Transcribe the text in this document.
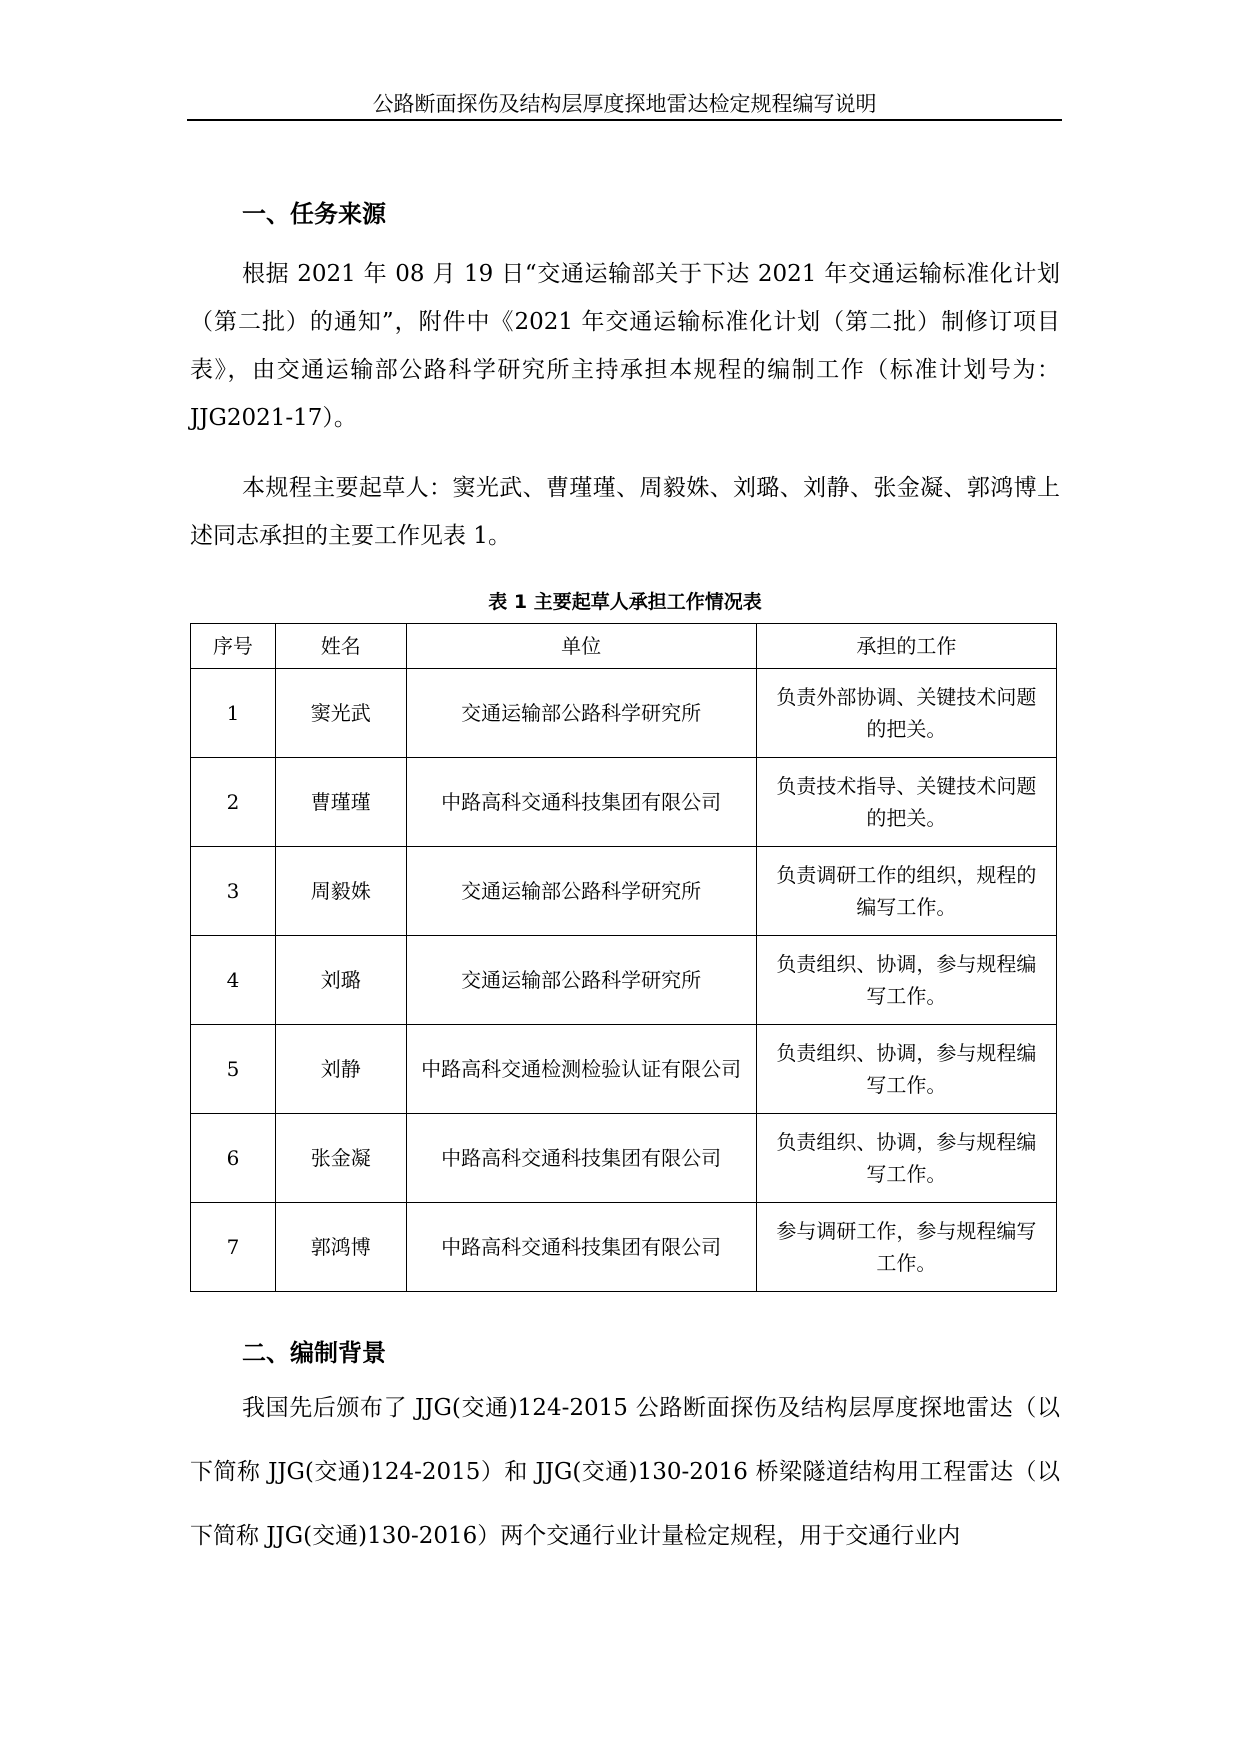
公路断面探伤及结构层厚度探地雷达检定规程编写说明
一、任务来源
根据 2021 年 08 月 19 日“交通运输部关于下达 2021 年交通运输标准化计划（第二批）的通知”，附件中《2021 年交通运输标准化计划（第二批）制修订项目表》，由交通运输部公路科学研究所主持承担本规程的编制工作（标准计划号为：JJG2021-17）。
本规程主要起草人：窦光武、曹瑾瑾、周毅姝、刘璐、刘静、张金凝、郭鸿博上述同志承担的主要工作见表 1。
表 1 主要起草人承担工作情况表
序号	姓名	单位	承担的工作
1	窦光武	交通运输部公路科学研究所	负责外部协调、关键技术问题的把关。
2	曹瑾瑾	中路高科交通科技集团有限公司	负责技术指导、关键技术问题的把关。
3	周毅姝	交通运输部公路科学研究所	负责调研工作的组织，规程的编写工作。
4	刘璐	交通运输部公路科学研究所	负责组织、协调，参与规程编写工作。
5	刘静	中路高科交通检测检验认证有限公司	负责组织、协调，参与规程编写工作。
6	张金凝	中路高科交通科技集团有限公司	负责组织、协调，参与规程编写工作。
7	郭鸿博	中路高科交通科技集团有限公司	参与调研工作，参与规程编写工作。
二、编制背景
我国先后颁布了 JJG(交通)124-2015 公路断面探伤及结构层厚度探地雷达（以下简称 JJG(交通)124-2015）和 JJG(交通)130-2016 桥梁隧道结构用工程雷达（以下简称 JJG(交通)130-2016）两个交通行业计量检定规程，用于交通行业内
